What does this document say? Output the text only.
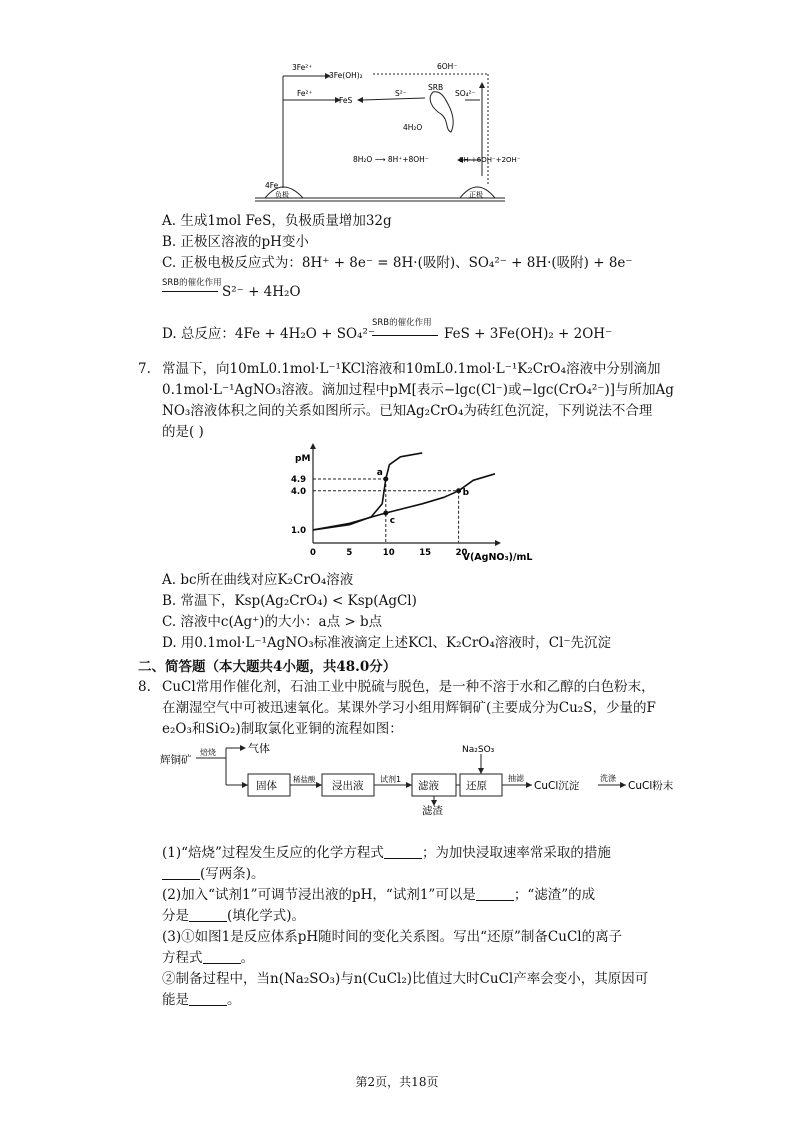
3Fe²⁺
3Fe(OH)₂
6OH⁻
Fe²⁺
FeS
S²⁻
SRB
SO₄²⁻
4H₂O
8H₂O ⟶ 8H⁺+8OH⁻	8H·+6OH⁻+2OH⁻
4Fe
负极	正极
A. 生成1mol FeS，负极质量增加32g
B. 正极区溶液的pH变小
C. 正极电极反应式为：8H⁺ + 8e⁻ = 8H·(吸附)、SO₄²⁻ + 8H·(吸附) + 8e⁻
SRB的催化作用
S²⁻ + 4H₂O
D. 总反应：4Fe + 4H₂O + SO₄²⁻
SRB的催化作用
FeS + 3Fe(OH)₂ + 2OH⁻
7. 常温下，向10mL0.1mol·L⁻¹KCl溶液和10mL0.1mol·L⁻¹K₂CrO₄溶液中分别滴加
0.1mol·L⁻¹AgNO₃溶液。滴加过程中pM[表示−lgc(Cl⁻)或−lgc(CrO₄²⁻)]与所加Ag
NO₃溶液体积之间的关系如图所示。已知Ag₂CrO₄为砖红色沉淀，下列说法不合理
的是( )
pM
V(AgNO₃)/mL
0	5	10	15	20
1.0
4.0
4.9
a
b
c
A. bc所在曲线对应K₂CrO₄溶液
B. 常温下，Ksp(Ag₂CrO₄) < Ksp(AgCl)
C. 溶液中c(Ag⁺)的大小：a点 > b点
D. 用0.1mol·L⁻¹AgNO₃标准液滴定上述KCl、K₂CrO₄溶液时，Cl⁻先沉淀
二、简答题（本大题共4小题，共48.0分）
8. CuCl常用作催化剂，石油工业中脱硫与脱色，是一种不溶于水和乙醇的白色粉末，
在潮湿空气中可被迅速氧化。某课外学习小组用辉铜矿(主要成分为Cu₂S，少量的F
e₂O₃和SiO₂)制取氯化亚铜的流程如图：
辉铜矿
焙烧	气体
固体
稀盐酸
浸出液
试剂1
滤液
滤渣
Na₂SO₃
还原
抽滤
CuCl沉淀
洗涤
CuCl粉末
(1)“焙烧”过程发生反应的化学方程式	；为加快浸取速率常采取的措施
(写两条)。
(2)加入“试剂1”可调节浸出液的pH，“试剂1”可以是	；“滤渣”的成
分是	(填化学式)。
(3)①如图1是反应体系pH随时间的变化关系图。写出“还原”制备CuCl的离子
方程式	。
②制备过程中，当n(Na₂SO₃)与n(CuCl₂)比值过大时CuCl产率会变小，其原因可
能是	。
第2页，共18页
